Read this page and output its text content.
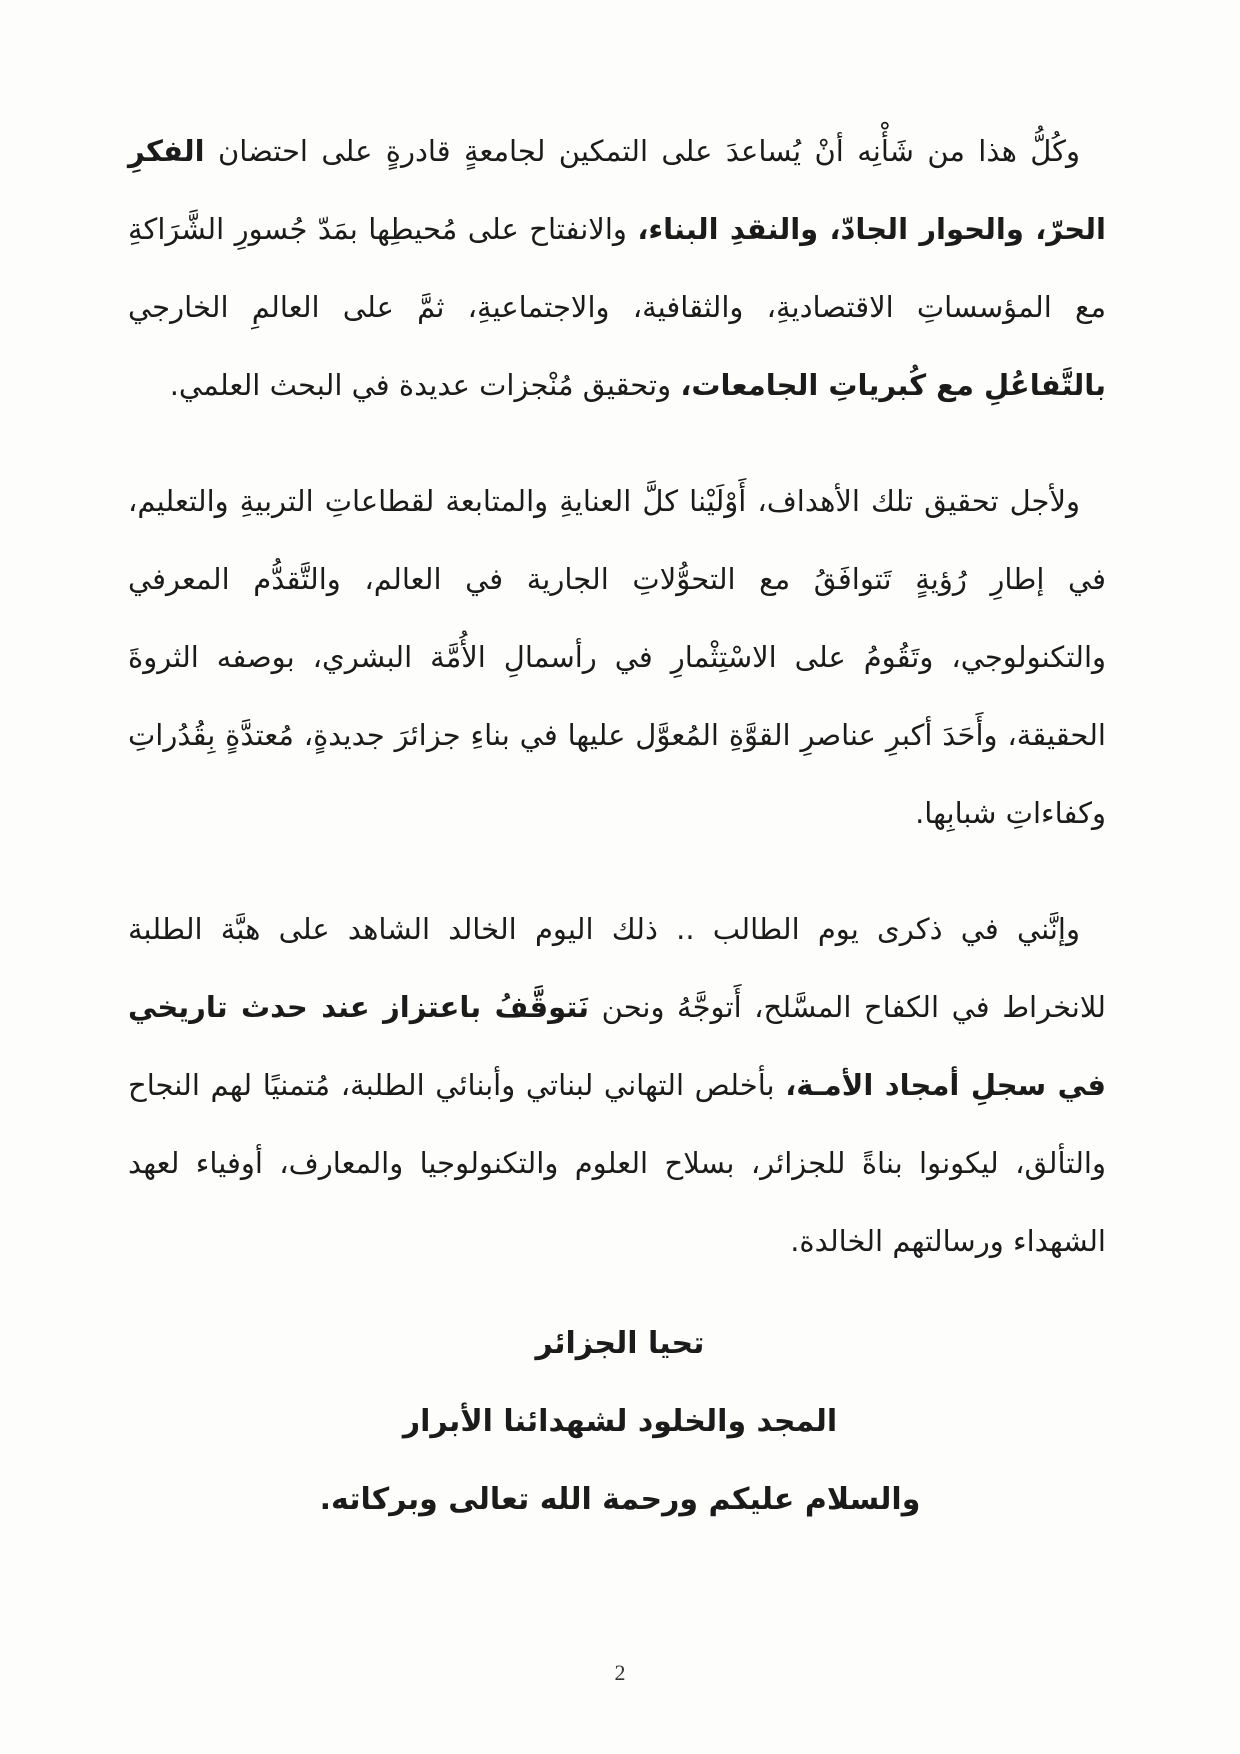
وكُلُّ هذا من شَأْنِه أنْ يُساعدَ على التمكين لجامعةٍ قادرةٍ على احتضان الفكرِ الحرّ، والحوار الجادّ، والنقدِ البناء، والانفتاح على مُحيطِها بمَدّ جُسورِ الشَّرَاكةِ مع المؤسساتِ الاقتصاديةِ، والثقافية، والاجتماعيةِ، ثمَّ على العالمِ الخارجي بالتَّفاعُلِ مع كُبرياتِ الجامعات، وتحقيق مُنْجزات عديدة في البحث العلمي.

ولأجل تحقيق تلك الأهداف، أَوْلَيْنا كلَّ العنايةِ والمتابعة لقطاعاتِ التربيةِ والتعليم، في إطارِ رُؤيةٍ تَتوافَقُ مع التحوُّلاتِ الجارية في العالم، والتَّقدُّم المعرفي والتكنولوجي، وتَقُومُ على الاسْتِثْمارِ في رأسمالِ الأُمَّة البشري، بوصفه الثروةَ الحقيقة، وأَحَدَ أكبرِ عناصرِ القوَّةِ المُعوَّل عليها في بناءِ جزائرَ جديدةٍ، مُعتدَّةٍ بِقُدُراتِ وكفاءاتِ شبابِها.

وإنَّني في ذكرى يوم الطالب .. ذلك اليوم الخالد الشاهد على هبَّة الطلبة للانخراط في الكفاح المسَّلح، أَتوجَّهُ ونحن نَتوقَّفُ باعتزاز عند حدث تاريخي في سجلِ أمجاد الأمـة، بأخلص التهاني لبناتي وأبنائي الطلبة، مُتمنيًا لهم النجاح والتألق، ليكونوا بناةً للجزائر، بسلاح العلوم والتكنولوجيا والمعارف، أوفياء لعهد الشهداء ورسالتهم الخالدة.

تحيا الجزائر
المجد والخلود لشهدائنا الأبرار
والسلام عليكم ورحمة الله تعالى وبركاته.
2
